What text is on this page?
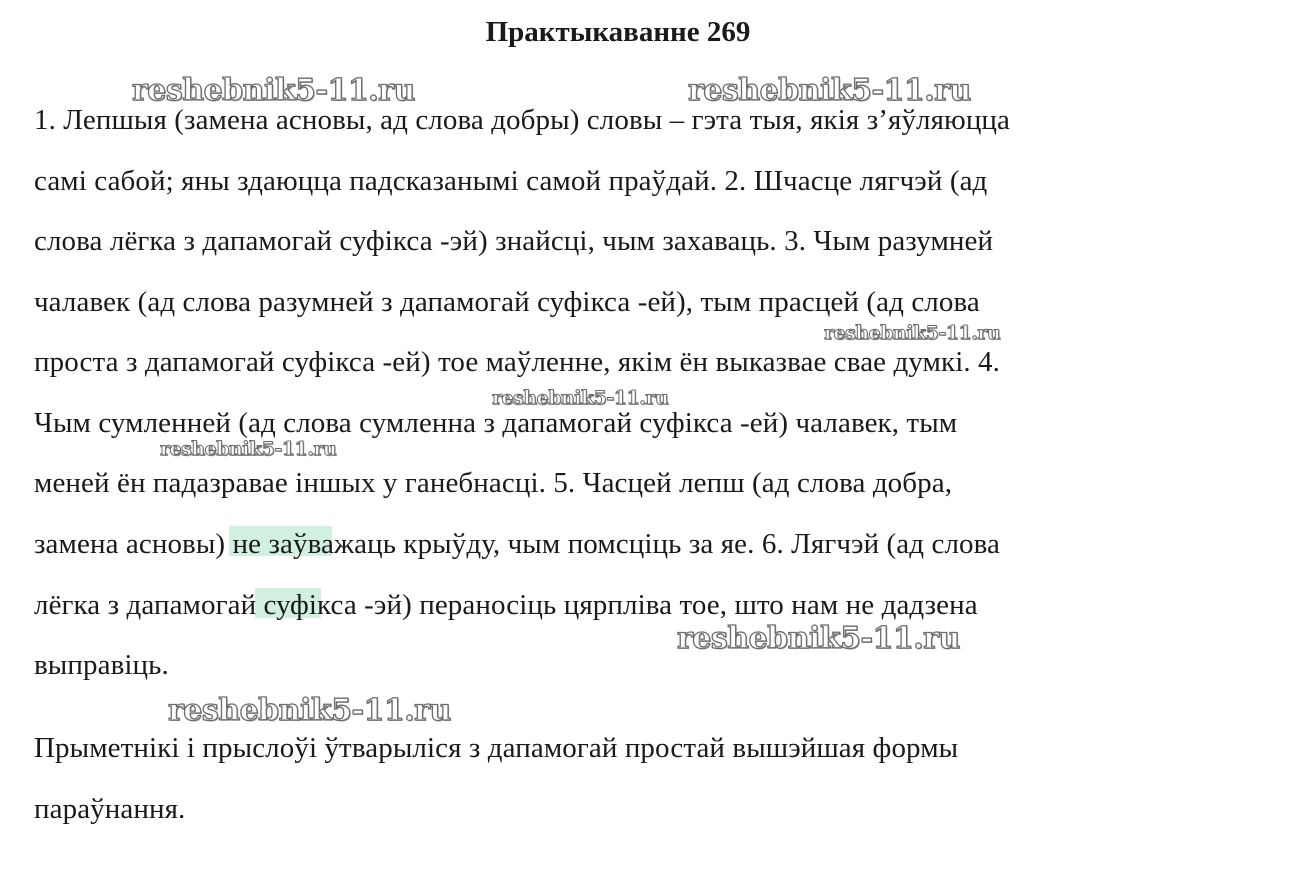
Практыкаванне 269
1. Лепшыя (замена асновы, ад слова добры) словы – гэта тыя, якія з’яўляюцца
самі сабой; яны здаюцца падсказанымі самой праўдай. 2. Шчасце лягчэй (ад
слова лёгка з дапамогай суфікса -эй) знайсці, чым захаваць. 3. Чым разумней
чалавек (ад слова разумней з дапамогай суфікса -ей), тым прасцей (ад слова
проста з дапамогай суфікса -ей) тое маўленне, якім ён выказвае свае думкі. 4.
Чым сумленней (ад слова сумленна з дапамогай суфікса -ей) чалавек, тым
меней ён падазравае іншых у ганебнасці. 5. Часцей лепш (ад слова добра,
замена асновы) не заўважаць крыўду, чым помсціць за яе. 6. Лягчэй (ад слова
лёгка з дапамогай суфікса -эй) пераносіць цярпліва тое, што нам не дадзена
выправіць.
Прыметнікі і прыслоўі ўтварыліся з дапамогай простай вышэйшая формы
параўнання.
reshebnik5-11.ru	reshebnik5-11.ru
reshebnik5-11.ru
reshebnik5-11.ru
reshebnik5-11.ru
reshebnik5-11.ru
reshebnik5-11.ru
